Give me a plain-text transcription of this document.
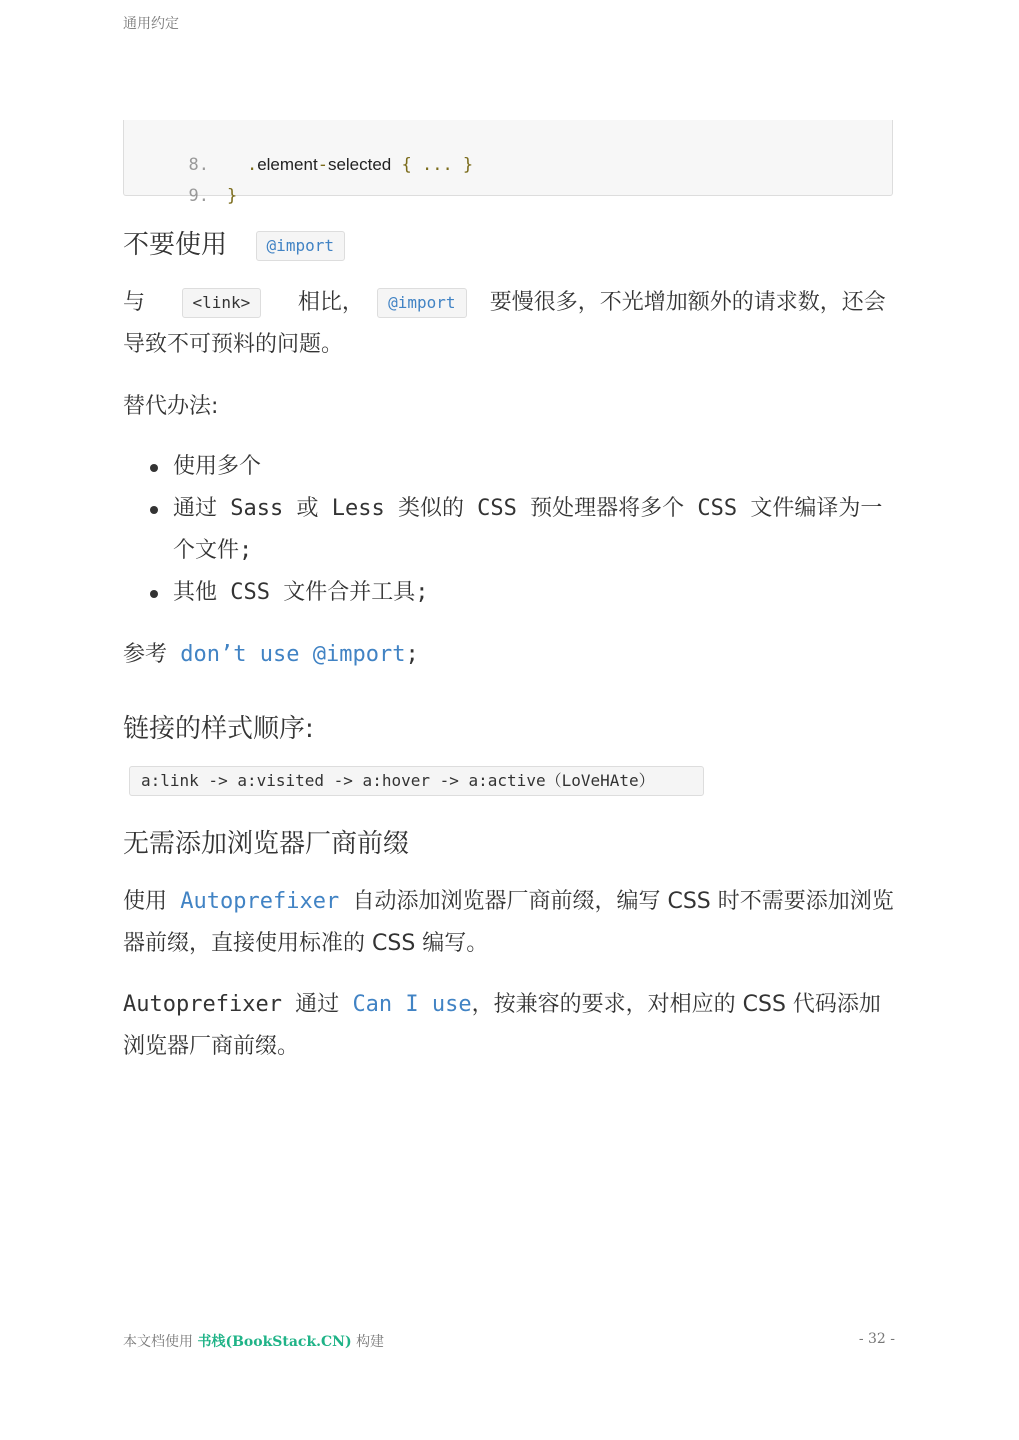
通用约定

8. .element-selected { ... }

9. }

不要使用 @import

与	<link> 相比， @import 要慢很多，不光增加额外的请求数，还会导致不可预料的问题。

替代办法:

使用多个
通过 Sass 或 Less 类似的 CSS 预处理器将多个 CSS 文件编译为一个文件;
其他 CSS 文件合并工具;

参考 don’t use @import;

链接的样式顺序:
a:link -> a:visited -> a:hover -> a:active（LoVeHAte）
无需添加浏览器厂商前缀

使用 Autoprefixer 自动添加浏览器厂商前缀，编写 CSS 时不需要添加浏览器前缀，直接使用标准的 CSS 编写。

Autoprefixer 通过 Can I use，按兼容的要求，对相应的 CSS 代码添加浏览器厂商前缀。

本文档使用 书栈(BookStack.CN) 构建	- 32 -
